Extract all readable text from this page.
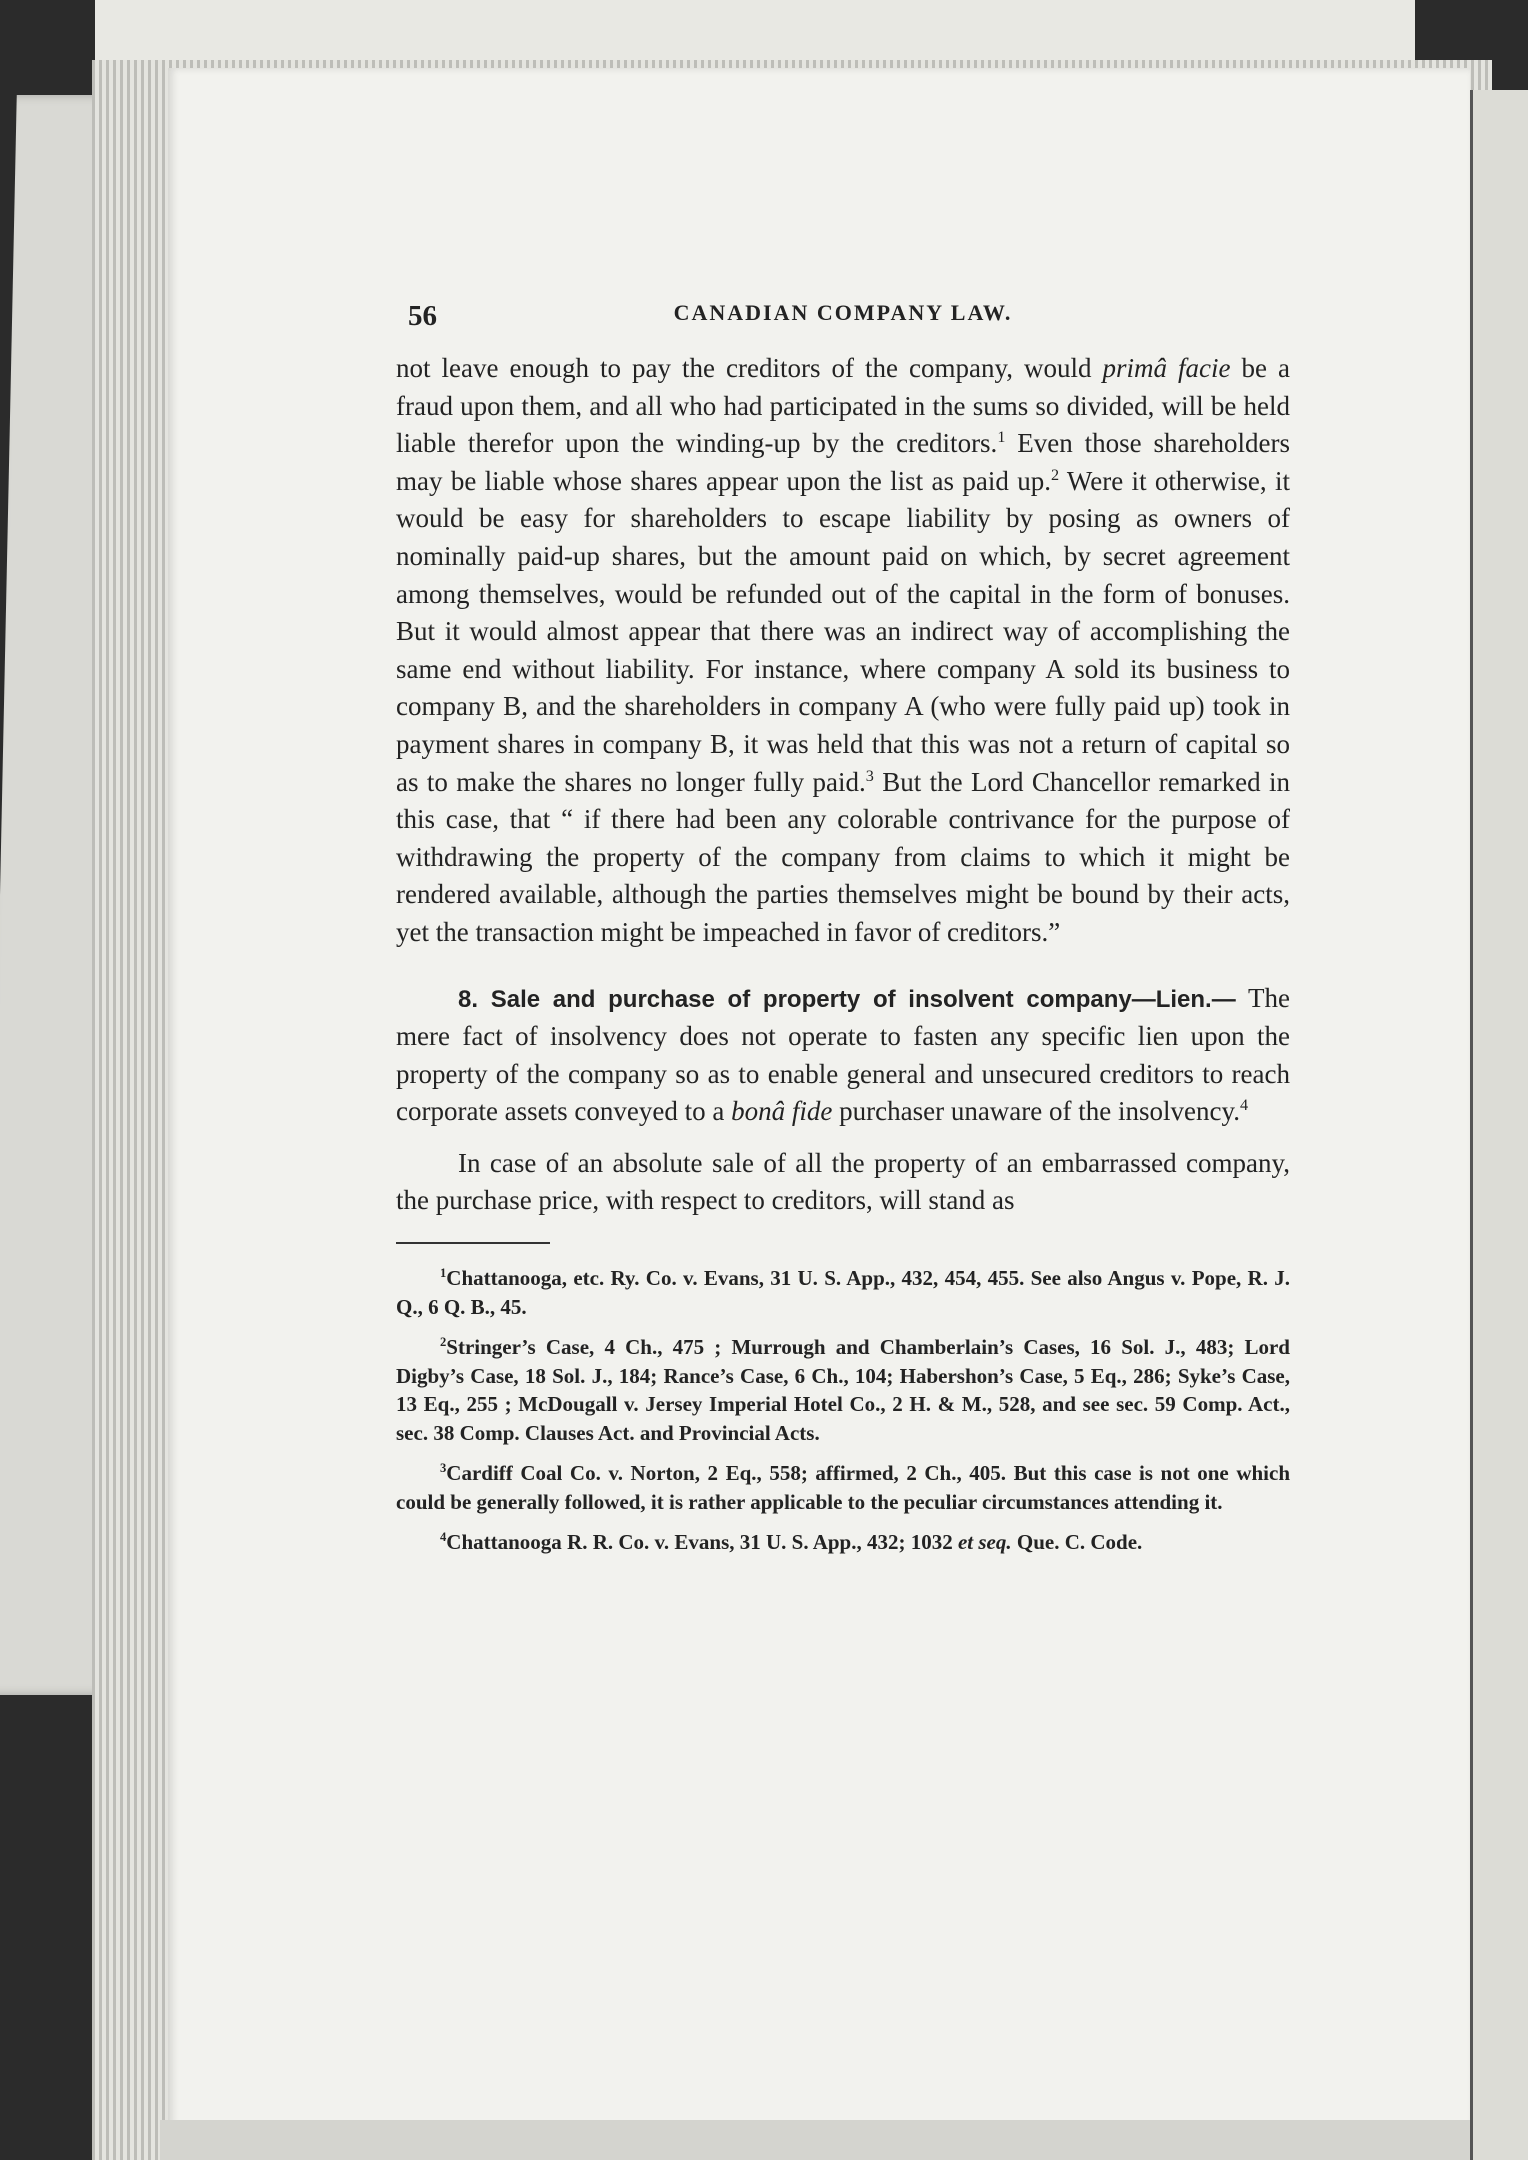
56	CANADIAN COMPANY LAW.

not leave enough to pay the creditors of the company, would primâ facie be a fraud upon them, and all who had participated in the sums so divided, will be held liable therefor upon the winding-up by the creditors.$^1$ Even those shareholders may be liable whose shares appear upon the list as paid up.$^2$ Were it otherwise, it would be easy for shareholders to escape liability by posing as owners of nominally paid-up shares, but the amount paid on which, by secret agreement among themselves, would be refunded out of the capital in the form of bonuses. But it would almost appear that there was an indirect way of accomplishing the same end without liability. For instance, where company A sold its business to company B, and the shareholders in company A (who were fully paid up) took in payment shares in company B, it was held that this was not a return of capital so as to make the shares no longer fully paid.$^3$ But the Lord Chancellor remarked in this case, that “ if there had been any colorable contrivance for the purpose of withdrawing the property of the company from claims to which it might be rendered available, although the parties themselves might be bound by their acts, yet the transaction might be impeached in favor of creditors.”

8. Sale and purchase of property of insolvent company—Lien.— The mere fact of insolvency does not operate to fasten any specific lien upon the property of the company so as to enable general and unsecured creditors to reach corporate assets conveyed to a bonâ fide purchaser unaware of the insolvency.$^4$

In case of an absolute sale of all the property of an embarrassed company, the purchase price, with respect to creditors, will stand as

$^1$Chattanooga, etc. Ry. Co. v. Evans, 31 U. S. App., 432, 454, 455. See also Angus v. Pope, R. J. Q., 6 Q. B., 45.

$^2$Stringer’s Case, 4 Ch., 475 ; Murrough and Chamberlain’s Cases, 16 Sol. J., 483; Lord Digby’s Case, 18 Sol. J., 184; Rance’s Case, 6 Ch., 104; Habershon’s Case, 5 Eq., 286; Syke’s Case, 13 Eq., 255 ; McDougall v. Jersey Imperial Hotel Co., 2 H. & M., 528, and see sec. 59 Comp. Act., sec. 38 Comp. Clauses Act. and Provincial Acts.

$^3$Cardiff Coal Co. v. Norton, 2 Eq., 558; affirmed, 2 Ch., 405. But this case is not one which could be generally followed, it is rather applicable to the peculiar circumstances attending it.

$^4$Chattanooga R. R. Co. v. Evans, 31 U. S. App., 432; 1032 et seq. Que. C. Code.
